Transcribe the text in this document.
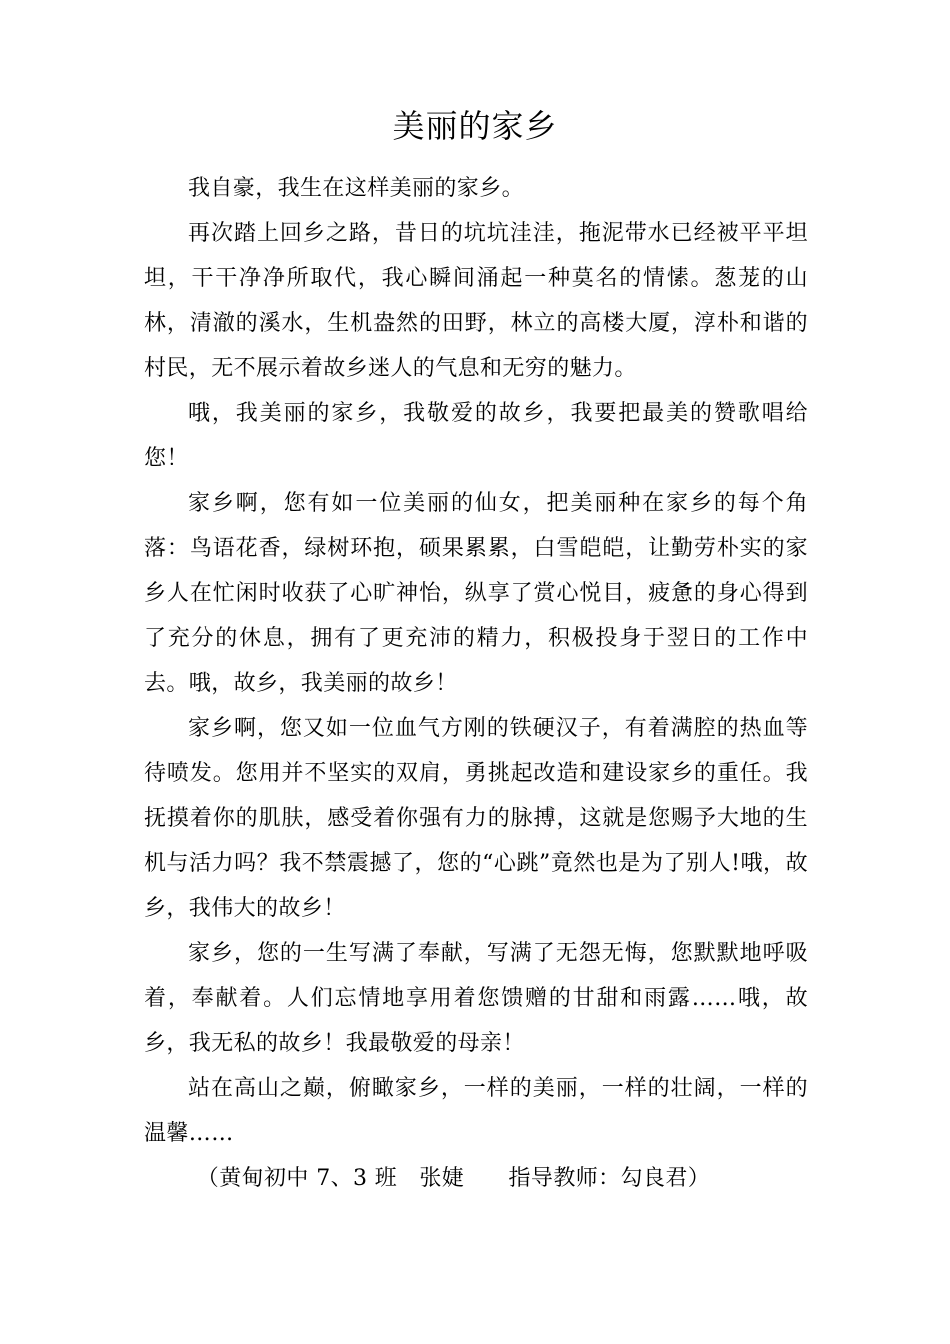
美丽的家乡

我自豪，我生在这样美丽的家乡。

再次踏上回乡之路，昔日的坑坑洼洼，拖泥带水已经被平平坦坦，干干净净所取代，我心瞬间涌起一种莫名的情愫。葱茏的山林，清澈的溪水，生机盎然的田野，林立的高楼大厦，淳朴和谐的村民，无不展示着故乡迷人的气息和无穷的魅力。

哦，我美丽的家乡，我敬爱的故乡，我要把最美的赞歌唱给您！

家乡啊，您有如一位美丽的仙女，把美丽种在家乡的每个角落：鸟语花香，绿树环抱，硕果累累，白雪皑皑，让勤劳朴实的家乡人在忙闲时收获了心旷神怡，纵享了赏心悦目，疲惫的身心得到了充分的休息，拥有了更充沛的精力，积极投身于翌日的工作中去。哦，故乡，我美丽的故乡！

家乡啊，您又如一位血气方刚的铁硬汉子，有着满腔的热血等待喷发。您用并不坚实的双肩，勇挑起改造和建设家乡的重任。我抚摸着你的肌肤，感受着你强有力的脉搏，这就是您赐予大地的生机与活力吗？我不禁震撼了，您的“心跳”竟然也是为了别人!哦，故乡，我伟大的故乡！

家乡，您的一生写满了奉献，写满了无怨无悔，您默默地呼吸着，奉献着。人们忘情地享用着您馈赠的甘甜和雨露……哦，故乡，我无私的故乡！我最敬爱的母亲！

站在高山之巅，俯瞰家乡，一样的美丽，一样的壮阔，一样的温馨……

（黄甸初中 7、3 班   张婕      指导教师：勾良君）
